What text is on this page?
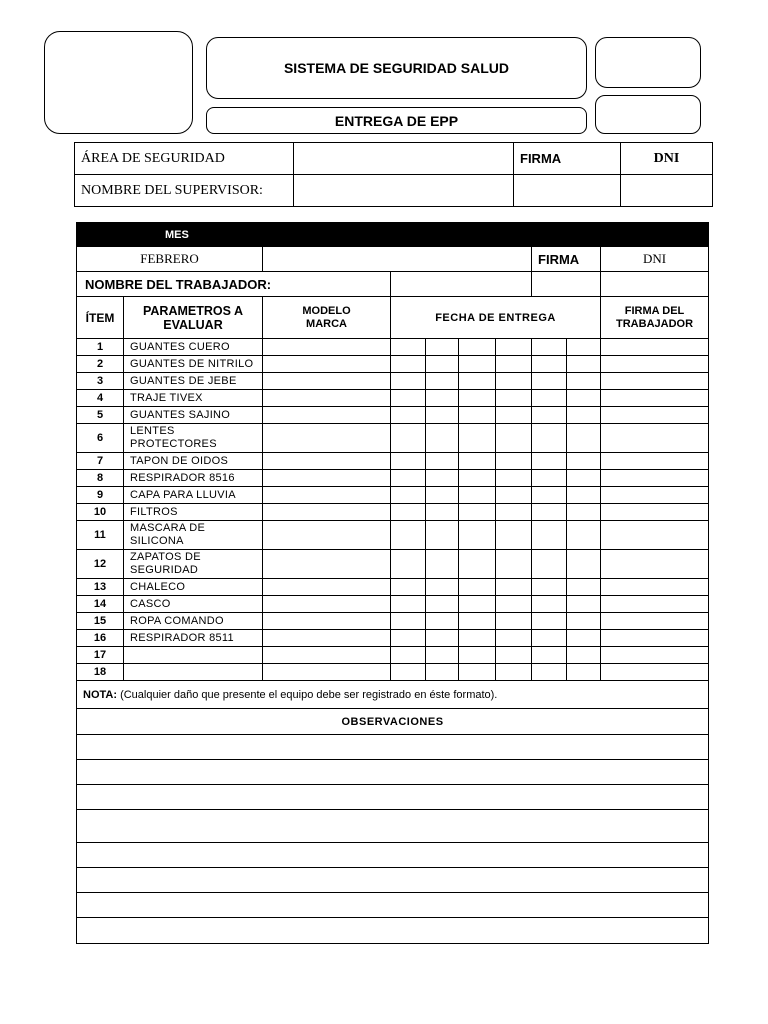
SISTEMA DE SEGURIDAD SALUD
ENTREGA DE EPP
ÁREA DE SEGURIDAD		FIRMA	DNI
NOMBRE DEL SUPERVISOR:			
MES									
FEBRERO							FIRMA		DNI
NOMBRE DEL TRABAJADOR:									
ÍTEM	PARAMETROS A EVALUAR	MODELO MARCA	FECHA DE ENTREGA						FIRMA DEL TRABAJADOR
1	GUANTES CUERO								
2	GUANTES DE NITRILO								
3	GUANTES DE JEBE								
4	TRAJE TIVEX								
5	GUANTES SAJINO								
6	LENTES PROTECTORES								
7	TAPON DE OIDOS								
8	RESPIRADOR 8516								
9	CAPA PARA LLUVIA								
10	FILTROS								
11	MASCARA DE SILICONA								
12	ZAPATOS DE SEGURIDAD								
13	CHALECO								
14	CASCO								
15	ROPA COMANDO								
16	RESPIRADOR 8511								
17									
18									
NOTA: (Cualquier daño que presente el equipo debe ser registrado en éste formato).									
OBSERVACIONES									
